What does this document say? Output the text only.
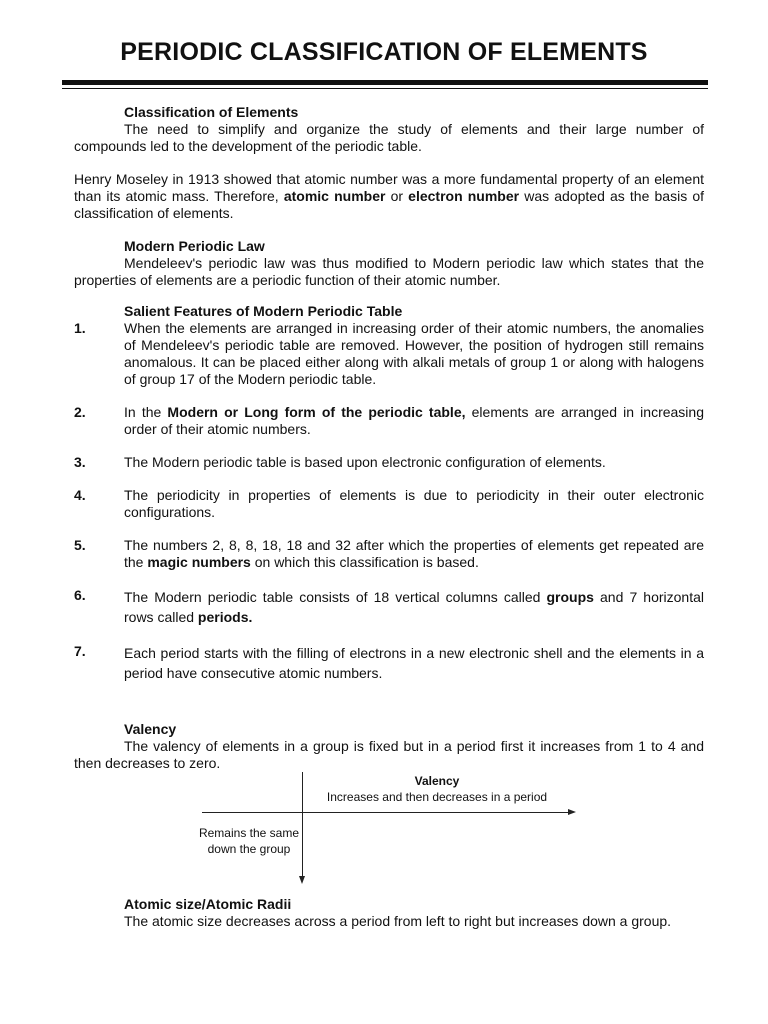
PERIODIC CLASSIFICATION OF ELEMENTS

Classification of Elements

The need to simplify and organize the study of elements and their large number of compounds led to the development of the periodic table.

Henry Moseley in 1913 showed that atomic number was a more fundamental property of an element than its atomic mass. Therefore, atomic number or electron number was adopted as the basis of classification of elements.

Modern Periodic Law

Mendeleev's periodic law was thus modified to Modern periodic law which states that the properties of elements are a periodic function of their atomic number.

Salient Features of Modern Periodic Table

1.	When the elements are arranged in increasing order of their atomic numbers, the anomalies of Mendeleev's periodic table are removed. However, the position of hydrogen still remains anomalous. It can be placed either along with alkali metals of group 1 or along with halogens of group 17 of the Modern periodic table.
2.	In the Modern or Long form of the periodic table, elements are arranged in increasing order of their atomic numbers.
3.	The Modern periodic table is based upon electronic configuration of elements.
4.	The periodicity in properties of elements is due to periodicity in their outer electronic configurations.
5.	The numbers 2, 8, 8, 18, 18 and 32 after which the properties of elements get repeated are the magic numbers on which this classification is based.
6.	The Modern periodic table consists of 18 vertical columns called groups and 7 horizontal rows called periods.
7.	Each period starts with the filling of electrons in a new electronic shell and the elements in a period have consecutive atomic numbers.

Valency

The valency of elements in a group is fixed but in a period first it increases from 1 to 4 and then decreases to zero.

Valency
Increases and then decreases in a period
Remains the same down the group

Atomic size/Atomic Radii

The atomic size decreases across a period from left to right but increases down a group.
